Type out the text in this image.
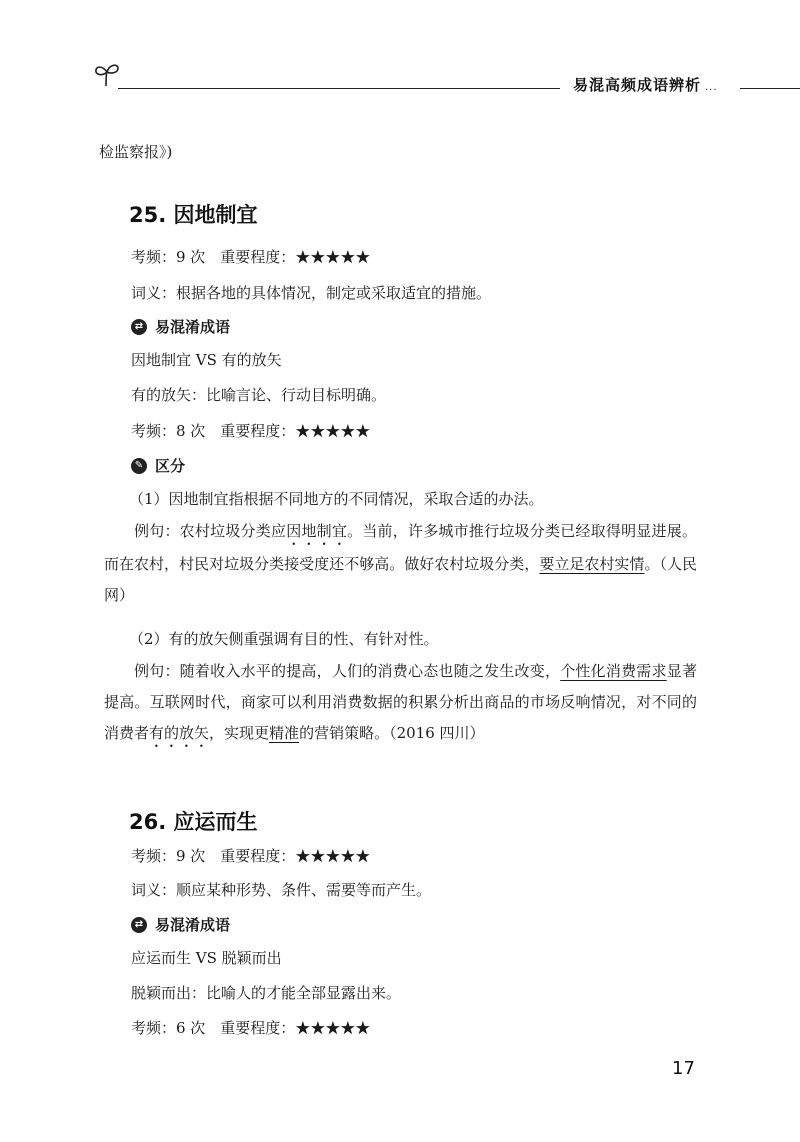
易混高频成语辨析 ···
检监察报》)
25. 因地制宜
考频：9 次　重要程度：★★★★★
词义：根据各地的具体情况，制定或采取适宜的措施。
⇄ 易混淆成语
因地制宜 VS 有的放矢
有的放矢：比喻言论、行动目标明确。
考频：8 次　重要程度：★★★★★
✎ 区分
（1）因地制宜指根据不同地方的不同情况，采取合适的办法。
例句：农村垃圾分类应因地制宜。当前，许多城市推行垃圾分类已经取得明显进展。而在农村，村民对垃圾分类接受度还不够高。做好农村垃圾分类，要立足农村实情。（人民网）
（2）有的放矢侧重强调有目的性、有针对性。
例句：随着收入水平的提高，人们的消费心态也随之发生改变，个性化消费需求显著提高。互联网时代，商家可以利用消费数据的积累分析出商品的市场反响情况，对不同的消费者有的放矢，实现更精准的营销策略。（2016 四川）
26. 应运而生
考频：9 次　重要程度：★★★★★
词义：顺应某种形势、条件、需要等而产生。
⇄ 易混淆成语
应运而生 VS 脱颖而出
脱颖而出：比喻人的才能全部显露出来。
考频：6 次　重要程度：★★★★★
17
